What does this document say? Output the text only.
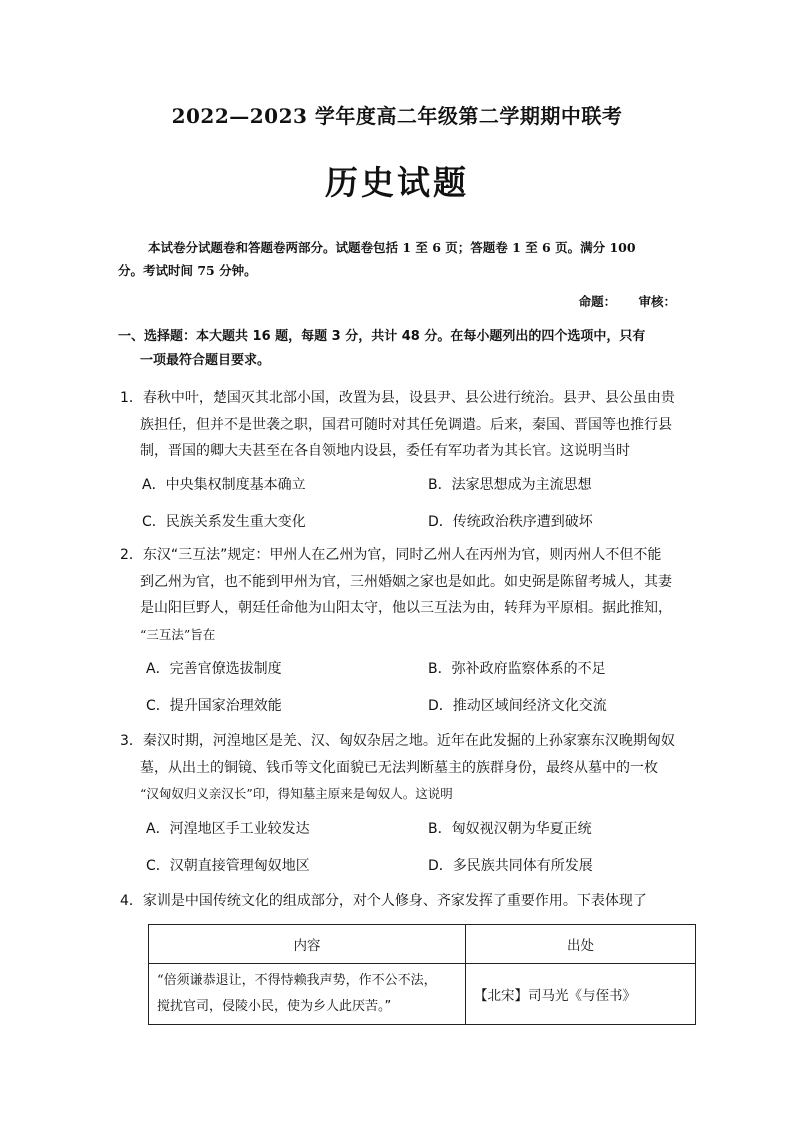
2022—2023 学年度高二年级第二学期期中联考
历史试题
本试卷分试题卷和答题卷两部分。试题卷包括 1 至 6 页；答题卷 1 至 6 页。满分 100
分。考试时间 75 分钟。
命题： 审核：
一、选择题：本大题共 16 题，每题 3 分，共计 48 分。在每小题列出的四个选项中，只有
一项最符合题目要求。
1．春秋中叶，楚国灭其北部小国，改置为县，设县尹、县公进行统治。县尹、县公虽由贵
族担任，但并不是世袭之职，国君可随时对其任免调遣。后来，秦国、晋国等也推行县
制，晋国的卿大夫甚至在各自领地内设县，委任有军功者为其长官。这说明当时
A．中央集权制度基本确立	B．法家思想成为主流思想
C．民族关系发生重大变化	D．传统政治秩序遭到破坏
2．东汉“三互法”规定：甲州人在乙州为官，同时乙州人在丙州为官，则丙州人不但不能
到乙州为官，也不能到甲州为官，三州婚姻之家也是如此。如史弼是陈留考城人，其妻
是山阳巨野人，朝廷任命他为山阳太守，他以三互法为由，转拜为平原相。据此推知，
“三互法”旨在
A．完善官僚选拔制度	B．弥补政府监察体系的不足
C．提升国家治理效能	D．推动区域间经济文化交流
3．秦汉时期，河湟地区是羌、汉、匈奴杂居之地。近年在此发掘的上孙家寨东汉晚期匈奴
墓，从出土的铜镜、钱币等文化面貌已无法判断墓主的族群身份，最终从墓中的一枚
“汉匈奴归义亲汉长”印，得知墓主原来是匈奴人。这说明
A．河湟地区手工业较发达	B．匈奴视汉朝为华夏正统
C．汉朝直接管理匈奴地区	D．多民族共同体有所发展
4．家训是中国传统文化的组成部分，对个人修身、齐家发挥了重要作用。下表体现了
内容	出处

“倍须谦恭退让，不得恃赖我声势，作不公不法，
搅扰官司，侵陵小民，使为乡人此厌苦。”	【北宋】司马光《与侄书》
